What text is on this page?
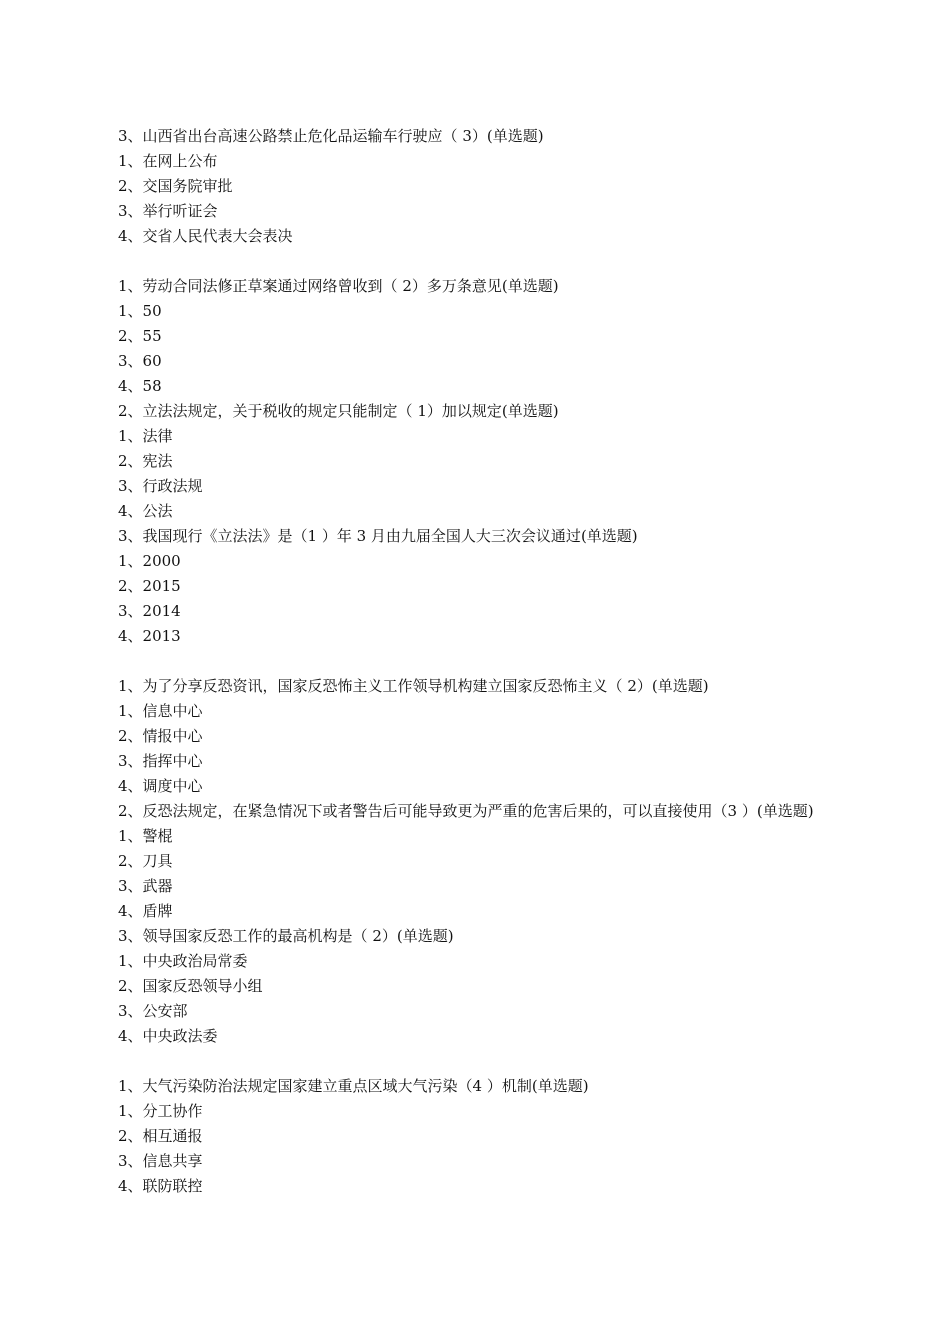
3、山西省出台高速公路禁止危化品运输车行驶应（ 3）(单选题)
1、在网上公布
2、交国务院审批
3、举行听证会
4、交省人民代表大会表决
1、劳动合同法修正草案通过网络曾收到（ 2）多万条意见(单选题)
1、50
2、55
3、60
4、58
2、立法法规定，关于税收的规定只能制定（ 1）加以规定(单选题)
1、法律
2、宪法
3、行政法规
4、公法
3、我国现行《立法法》是（1 ）年 3 月由九届全国人大三次会议通过(单选题)
1、2000
2、2015
3、2014
4、2013
1、为了分享反恐资讯，国家反恐怖主义工作领导机构建立国家反恐怖主义（ 2）(单选题)
1、信息中心
2、情报中心
3、指挥中心
4、调度中心
2、反恐法规定，在紧急情况下或者警告后可能导致更为严重的危害后果的，可以直接使用（3 ）(单选题)
1、警棍
2、刀具
3、武器
4、盾牌
3、领导国家反恐工作的最高机构是（ 2）(单选题)
1、中央政治局常委
2、国家反恐领导小组
3、公安部
4、中央政法委
1、大气污染防治法规定国家建立重点区域大气污染（4 ）机制(单选题)
1、分工协作
2、相互通报
3、信息共享
4、联防联控
